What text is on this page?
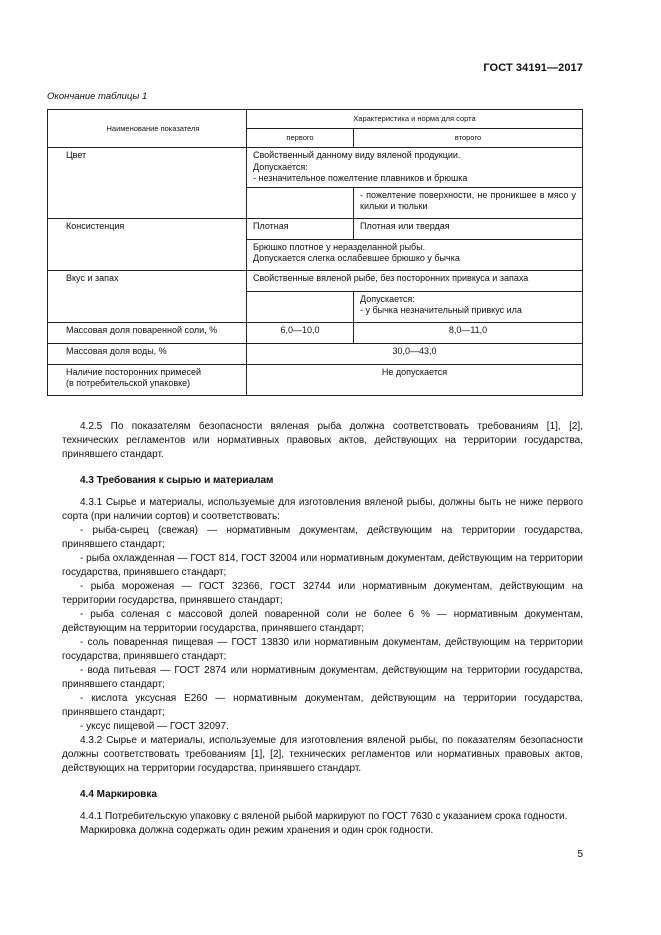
ГОСТ 34191—2017
Окончание таблицы 1
Наименование показателя	Характеристика и норма для сорта	
	первого	второго
Цвет	Свойственный данному виду вяленой продукции.
Допускается:
- незначительное пожелтение плавников и брюшка	

		- пожелтение поверхности, не проникшее в мясо у кильки и тюльки
Консистенция	Плотная	Плотная или твердая

	Брюшко плотное у неразделанной рыбы.
Допускается слегка ослабевшее брюшко у бычка	

Вкус и запах	Свойственные вяленой рыбе, без посторонних привкуса и запаха	

		Допускается:
- у бычка незначительный привкус ила

Массовая доля поваренной соли, %	6,0—10,0	8,0—11,0
Массовая доля воды, %	30,0—43,0	

Наличие посторонних примесей
(в потребительской упаковке)	Не допускается	

4.2.5 По показателям безопасности вяленая рыба должна соответствовать требованиям [1], [2], технических регламентов или нормативных правовых актов, действующих на территории государства, принявшего стандарт.

4.3 Требования к сырью и материалам

4.3.1 Сырье и материалы, используемые для изготовления вяленой рыбы, должны быть не ниже первого сорта (при наличии сортов) и соответствовать:

- рыба-сырец (свежая) — нормативным документам, действующим на территории государства, принявшего стандарт;

- рыба охлажденная — ГОСТ 814, ГОСТ 32004 или нормативным документам, действующим на территории государства, принявшего стандарт;

- рыба мороженая — ГОСТ 32366, ГОСТ 32744 или нормативным документам, действующим на территории государства, принявшего стандарт;

- рыба соленая с массовой долей поваренной соли не более 6 % — нормативным документам, действующим на территории государства, принявшего стандарт;

- соль поваренная пищевая — ГОСТ 13830 или нормативным документам, действующим на территории государства, принявшего стандарт;

- вода питьевая — ГОСТ 2874 или нормативным документам, действующим на территории государства, принявшего стандарт;

- кислота уксусная Е260 — нормативным документам, действующим на территории государства, принявшего стандарт;

- уксус пищевой — ГОСТ 32097.

4.3.2 Сырье и материалы, используемые для изготовления вяленой рыбы, по показателям безопасности должны соответствовать требованиям [1], [2], технических регламентов или нормативных правовых актов, действующих на территории государства, принявшего стандарт.

4.4 Маркировка

4.4.1 Потребительскую упаковку с вяленой рыбой маркируют по ГОСТ 7630 с указанием срока годности.

Маркировка должна содержать один режим хранения и один срок годности.

5
